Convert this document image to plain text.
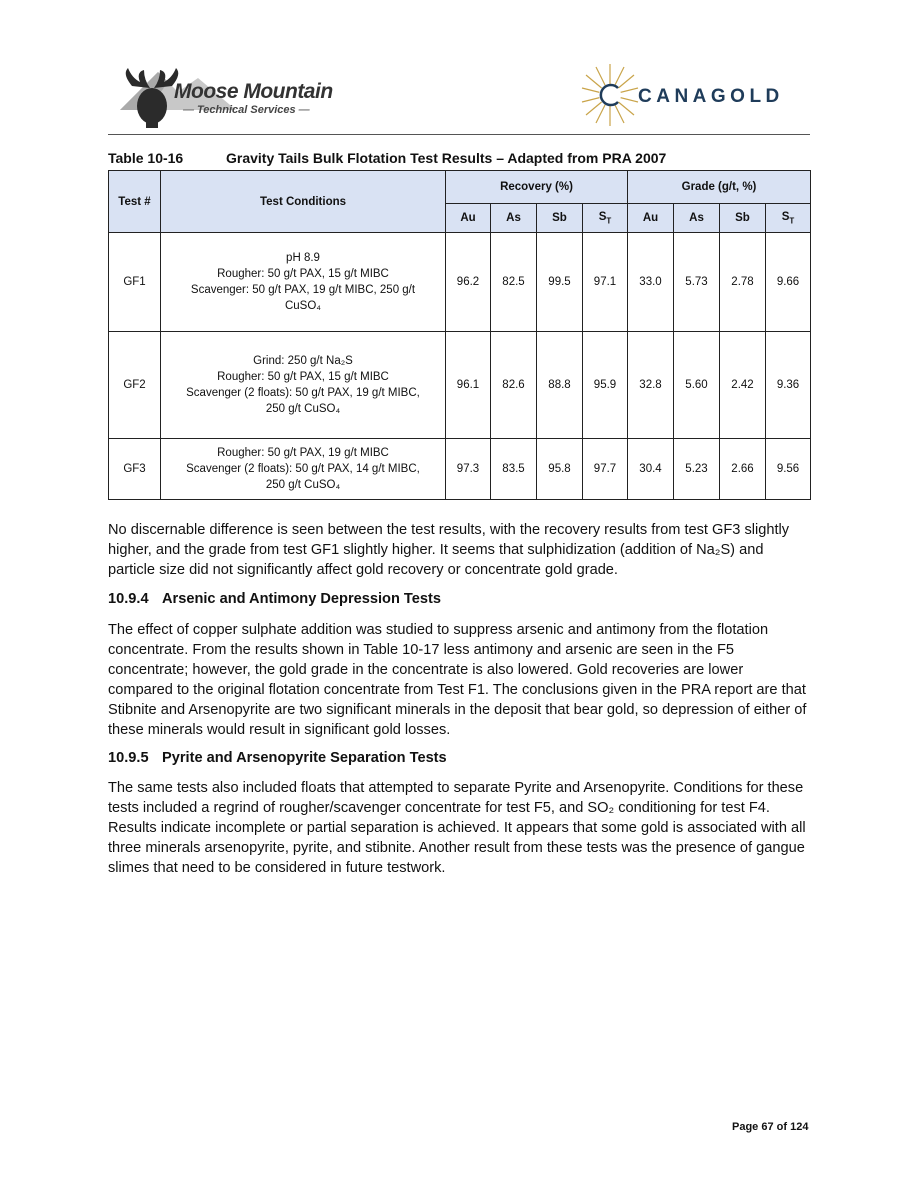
Moose Mountain
— Technical Services —
CANAGOLD
Table 10-16	Gravity Tails Bulk Flotation Test Results – Adapted from PRA 2007
Test #	Test Conditions	Recovery (%)				Grade (g/t, %)			
		Au	As	Sb	$S_T$	Au	As	Sb	$S_T$
GF1	pH 8.9
Rougher: 50 g/t PAX, 15 g/t MIBC
Scavenger: 50 g/t PAX, 19 g/t MIBC, 250 g/t
CuSO₄	96.2	82.5	99.5	97.1	33.0	5.73	2.78	9.66
GF2	Grind: 250 g/t Na₂S
Rougher: 50 g/t PAX, 15 g/t MIBC
Scavenger (2 floats): 50 g/t PAX, 19 g/t MIBC,
250 g/t CuSO₄	96.1	82.6	88.8	95.9	32.8	5.60	2.42	9.36
GF3	Rougher: 50 g/t PAX, 19 g/t MIBC
Scavenger (2 floats): 50 g/t PAX, 14 g/t MIBC,
250 g/t CuSO₄	97.3	83.5	95.8	97.7	30.4	5.23	2.66	9.56

No discernable difference is seen between the test results, with the recovery results from test GF3 slightly higher, and the grade from test GF1 slightly higher. It seems that sulphidization (addition of Na₂S) and particle size did not significantly affect gold recovery or concentrate gold grade.

10.9.4 Arsenic and Antimony Depression Tests

The effect of copper sulphate addition was studied to suppress arsenic and antimony from the flotation concentrate. From the results shown in Table 10-17 less antimony and arsenic are seen in the F5 concentrate; however, the gold grade in the concentrate is also lowered. Gold recoveries are lower compared to the original flotation concentrate from Test F1. The conclusions given in the PRA report are that Stibnite and Arsenopyrite are two significant minerals in the deposit that bear gold, so depression of either of these minerals would result in significant gold losses.

10.9.5 Pyrite and Arsenopyrite Separation Tests

The same tests also included floats that attempted to separate Pyrite and Arsenopyrite. Conditions for these tests included a regrind of rougher/scavenger concentrate for test F5, and SO₂ conditioning for test F4. Results indicate incomplete or partial separation is achieved. It appears that some gold is associated with all three minerals arsenopyrite, pyrite, and stibnite. Another result from these tests was the presence of gangue slimes that need to be considered in future testwork.

Page 67 of 124
